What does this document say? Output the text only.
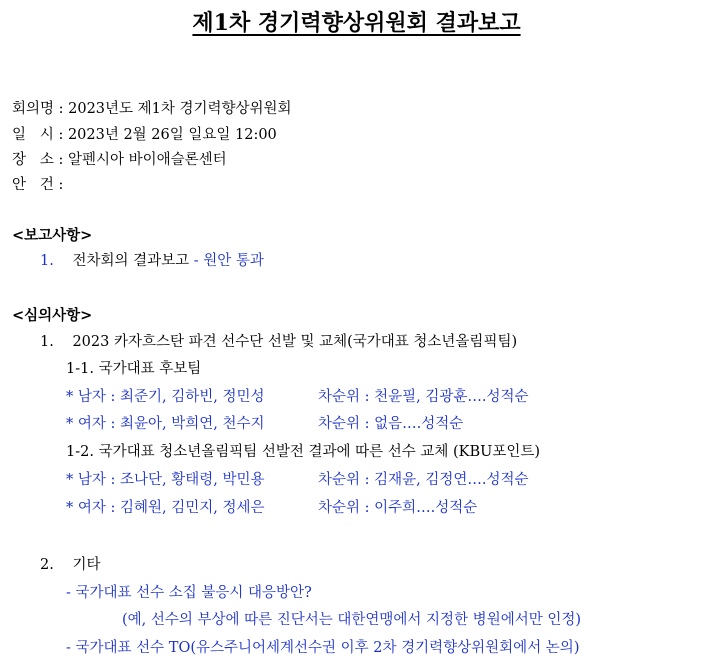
제1차 경기력향상위원회 결과보고
회의명 : 2023년도 제1차 경기력향상위원회
일   시 : 2023년 2월 26일 일요일 12:00
장   소 : 알펜시아 바이애슬론센터
안   건 :
<보고사항>
1. 전차회의 결과보고 - 원안 통과
<심의사항>
1. 2023 카자흐스탄 파견 선수단 선발 및 교체(국가대표 청소년올림픽팀)
1-1. 국가대표 후보팀
* 남자 : 최준기, 김하빈, 정민성	차순위 : 천윤필, 김광훈….성적순
* 여자 : 최윤아, 박희연, 천수지	차순위 : 없음….성적순
1-2. 국가대표 청소년올림픽팀 선발전 결과에 따른 선수 교체 (KBU포인트)
* 남자 : 조나단, 황태령, 박민용	차순위 : 김재윤, 김정연….성적순
* 여자 : 김혜원, 김민지, 정세은	차순위 : 이주희….성적순
2. 기타
- 국가대표 선수 소집 불응시 대응방안?
(예, 선수의 부상에 따른 진단서는 대한연맹에서 지정한 병원에서만 인정)
- 국가대표 선수 TO(유스주니어세계선수권 이후 2차 경기력향상위원회에서 논의)
